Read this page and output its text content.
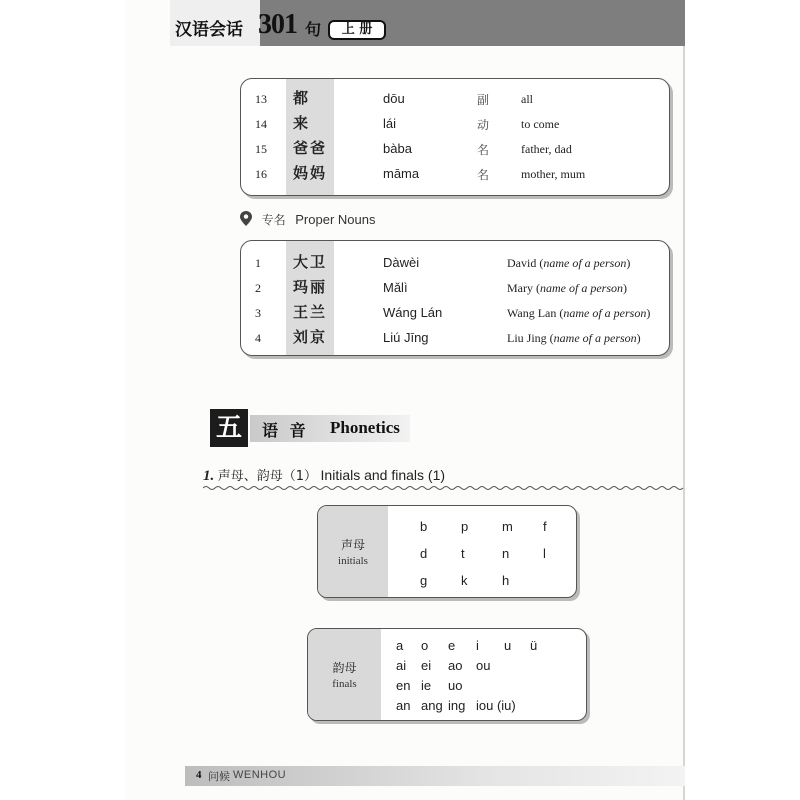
汉语会话 301 句	上 册
13 都	dōu	副	all
14 来	lái	动	to come
15 爸爸	bàba	名	father, dad
16 妈妈	māma	名	mother, mum
专名 Proper Nouns
1 大卫	Dàwèi	David (name of a person)
2 玛丽	Mǎlì	Mary (name of a person)
3 王兰	Wáng Lán	Wang Lan (name of a person)
4 刘京	Liú Jīng	Liu Jing (name of a person)
五	语 音 Phonetics
1. 声母、韵母（1） Initials and finals (1)
声母
initials
b	p	m f
d	t	n	l
g	k	h
韵母
finals
a o e i u ü
ai ei ao ou
en ie uo
an ang ing iou (iu)
4 问候 WENHOU
